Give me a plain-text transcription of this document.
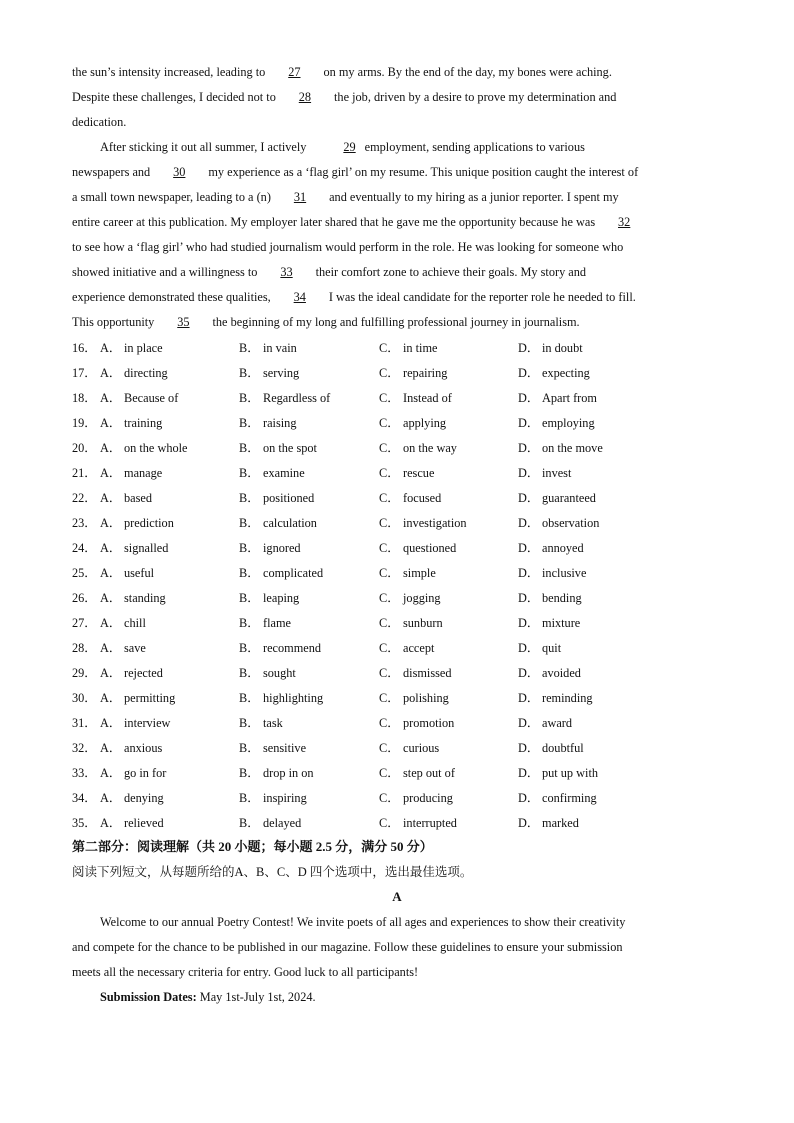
the sun’s intensity increased, leading to 27 on my arms. By the end of the day, my bones were aching.
Despite these challenges, I decided not to 28 the job, driven by a desire to prove my determination and
dedication.
After sticking it out all summer, I actively	29 employment, sending applications to various
newspapers and 30 my experience as a ‘flag girl’ on my resume. This unique position caught the interest of
a small town newspaper, leading to a (n) 31 and eventually to my hiring as a junior reporter. I spent my
entire career at this publication. My employer later shared that he gave me the opportunity because he was 32
to see how a ‘flag girl’ who had studied journalism would perform in the role. He was looking for someone who
showed initiative and a willingness to 33 their comfort zone to achieve their goals. My story and
experience demonstrated these qualities, 34 I was the ideal candidate for the reporter role he needed to fill.
This opportunity 35 the beginning of my long and fulfilling professional journey in journalism.
16． A． in place	B． in vain	C． in time	D． in doubt
17． A． directing	B． serving	C． repairing	D． expecting
18． A． Because of	B． Regardless of	C． Instead of	D． Apart from
19． A． training	B． raising	C． applying	D． employing
20． A． on the whole	B． on the spot	C． on the way	D． on the move
21． A． manage	B． examine	C． rescue	D． invest
22． A． based	B． positioned	C． focused	D． guaranteed
23． A． prediction	B． calculation	C． investigation	D． observation
24． A． signalled	B． ignored	C． questioned	D． annoyed
25． A． useful	B． complicated	C． simple	D． inclusive
26． A． standing	B． leaping	C． jogging	D． bending
27． A． chill	B． flame	C． sunburn	D． mixture
28． A． save	B． recommend	C． accept	D． quit
29． A． rejected	B． sought	C． dismissed	D． avoided
30． A． permitting	B． highlighting	C． polishing	D． reminding
31． A． interview	B． task	C． promotion	D． award
32． A． anxious	B． sensitive	C． curious	D． doubtful
33． A． go in for	B． drop in on	C． step out of	D． put up with
34． A． denying	B． inspiring	C． producing	D． confirming
35． A． relieved	B． delayed	C． interrupted	D． marked
第二部分：阅读理解（共 20 小题；每小题 2.5 分，满分 50 分）
阅读下列短文，从每题所给的A、B、C、D 四个选项中，选出最佳选项。
A
Welcome to our annual Poetry Contest! We invite poets of all ages and experiences to show their creativity
and compete for the chance to be published in our magazine. Follow these guidelines to ensure your submission
meets all the necessary criteria for entry. Good luck to all participants!
Submission Dates: May 1st-July 1st, 2024.
